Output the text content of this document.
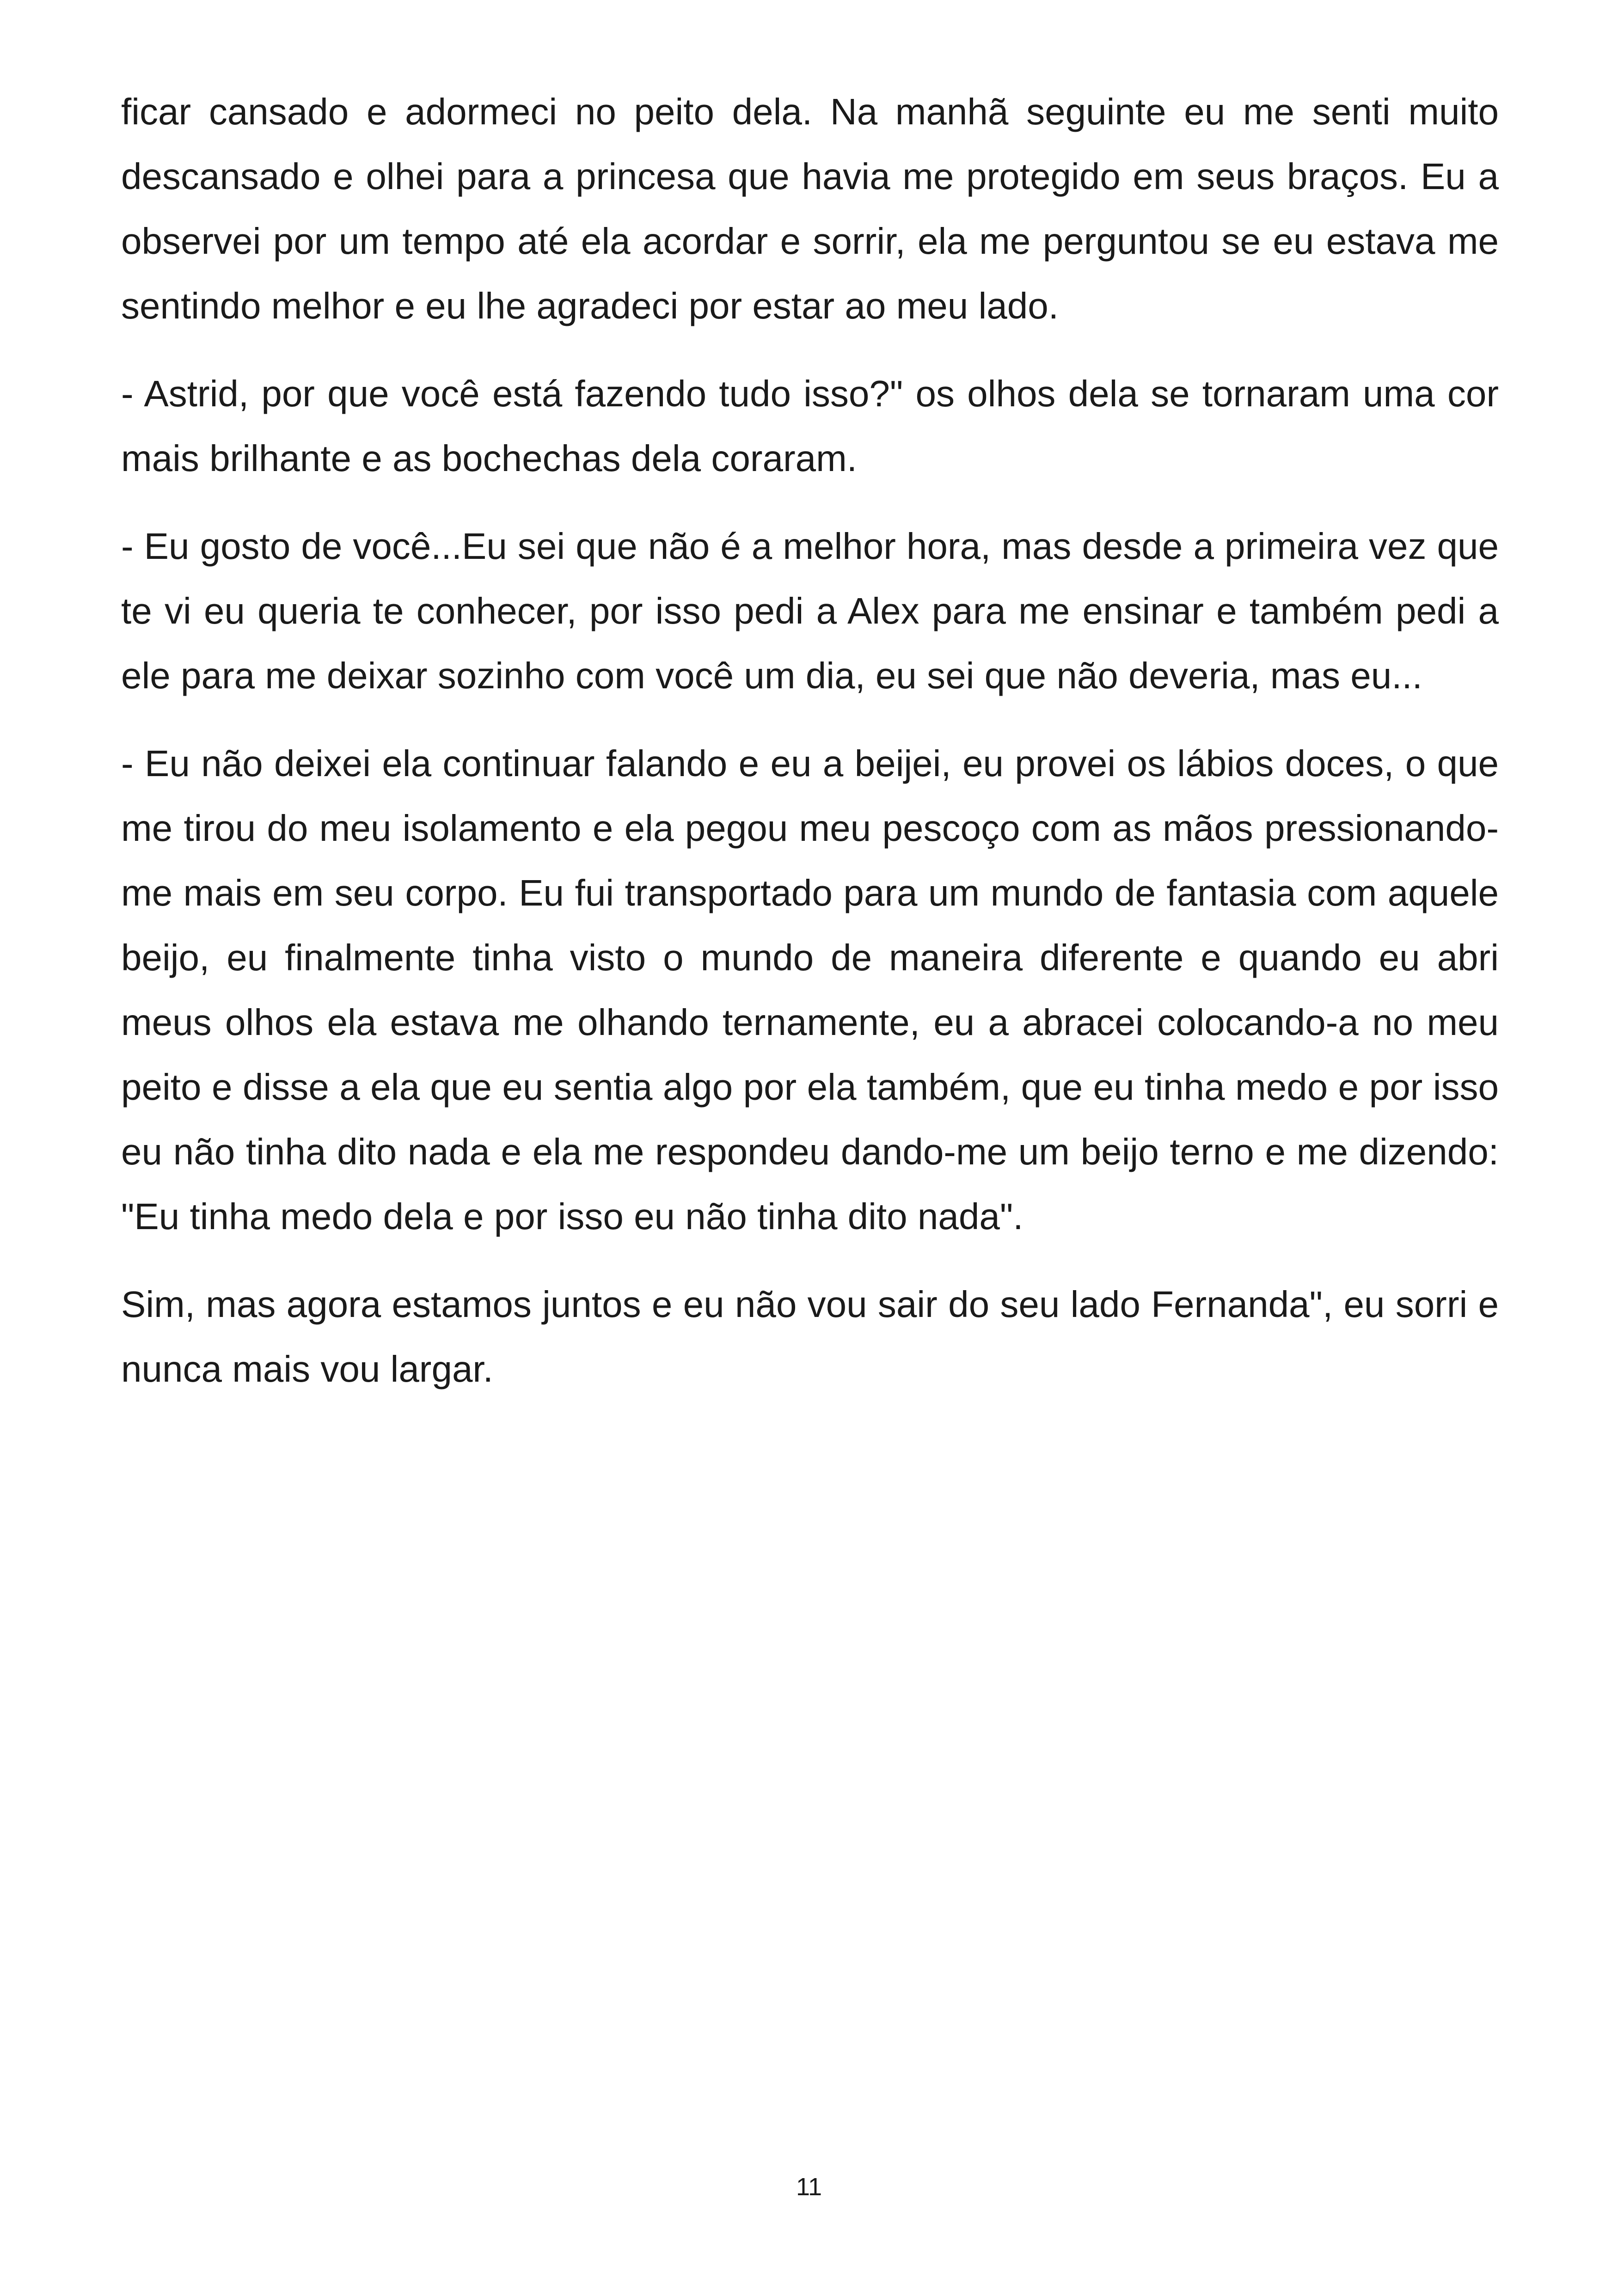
ficar cansado e adormeci no peito dela. Na manhã seguinte eu me senti muito descansado e olhei para a princesa que havia me protegido em seus braços. Eu a observei por um tempo até ela acordar e sorrir, ela me perguntou se eu estava me sentindo melhor e eu lhe agradeci por estar ao meu lado.

- Astrid, por que você está fazendo tudo isso?" os olhos dela se tornaram uma cor mais brilhante e as bochechas dela coraram.

- Eu gosto de você...Eu sei que não é a melhor hora, mas desde a primeira vez que te vi eu queria te conhecer, por isso pedi a Alex para me ensinar e também pedi a ele para me deixar sozinho com você um dia, eu sei que não deveria, mas eu...

- Eu não deixei ela continuar falando e eu a beijei, eu provei os lábios doces, o que me tirou do meu isolamento e ela pegou meu pescoço com as mãos pressionando-me mais em seu corpo. Eu fui transportado para um mundo de fantasia com aquele beijo, eu finalmente tinha visto o mundo de maneira diferente e quando eu abri meus olhos ela estava me olhando ternamente, eu a abracei colocando-a no meu peito e disse a ela que eu sentia algo por ela também, que eu tinha medo e por isso eu não tinha dito nada e ela me respondeu dando-me um beijo terno e me dizendo: "Eu tinha medo dela e por isso eu não tinha dito nada".

Sim, mas agora estamos juntos e eu não vou sair do seu lado Fernanda", eu sorri e nunca mais vou largar.

11
